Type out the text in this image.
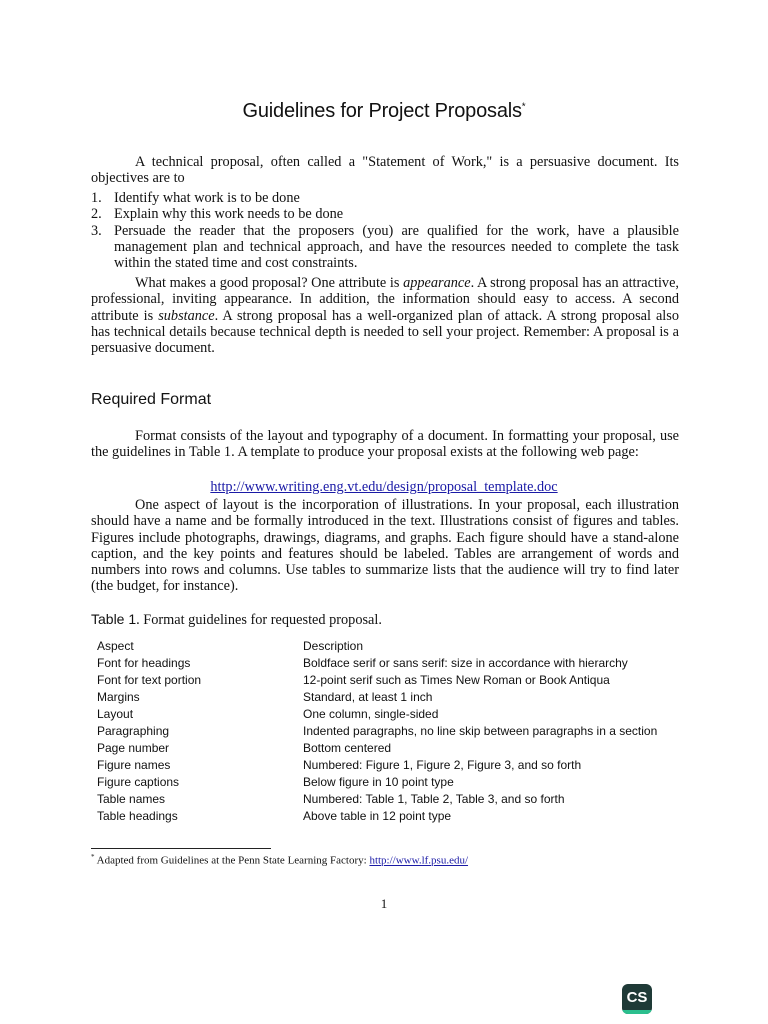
Guidelines for Project Proposals*

A technical proposal, often called a "Statement of Work," is a persuasive document. Its objectives are to

1. Identify what work is to be done
2. Explain why this work needs to be done
3. Persuade the reader that the proposers (you) are qualified for the work, have a plausible management plan and technical approach, and have the resources needed to complete the task within the stated time and cost constraints.

What makes a good proposal? One attribute is appearance. A strong proposal has an attractive, professional, inviting appearance. In addition, the information should easy to access. A second attribute is substance. A strong proposal has a well-organized plan of attack. A strong proposal also has technical details because technical depth is needed to sell your project. Remember: A proposal is a persuasive document.

Required Format

Format consists of the layout and typography of a document. In formatting your proposal, use the guidelines in Table 1. A template to produce your proposal exists at the following web page:

http://www.writing.eng.vt.edu/design/proposal_template.doc

One aspect of layout is the incorporation of illustrations. In your proposal, each illustration should have a name and be formally introduced in the text. Illustrations consist of figures and tables. Figures include photographs, drawings, diagrams, and graphs. Each figure should have a stand-alone caption, and the key points and features should be labeled. Tables are arrangement of words and numbers into rows and columns. Use tables to summarize lists that the audience will try to find later (the budget, for instance).

Table 1. Format guidelines for requested proposal.
Aspect	Description
Font for headings	Boldface serif or sans serif: size in accordance with hierarchy
Font for text portion	12-point serif such as Times New Roman or Book Antiqua
Margins	Standard, at least 1 inch
Layout	One column, single-sided
Paragraphing	Indented paragraphs, no line skip between paragraphs in a section
Page number	Bottom centered
Figure names	Numbered: Figure 1, Figure 2, Figure 3, and so forth
Figure captions	Below figure in 10 point type
Table names	Numbered: Table 1, Table 2, Table 3, and so forth
Table headings	Above table in 12 point type
* Adapted from Guidelines at the Penn State Learning Factory: http://www.lf.psu.edu/
1
CS
